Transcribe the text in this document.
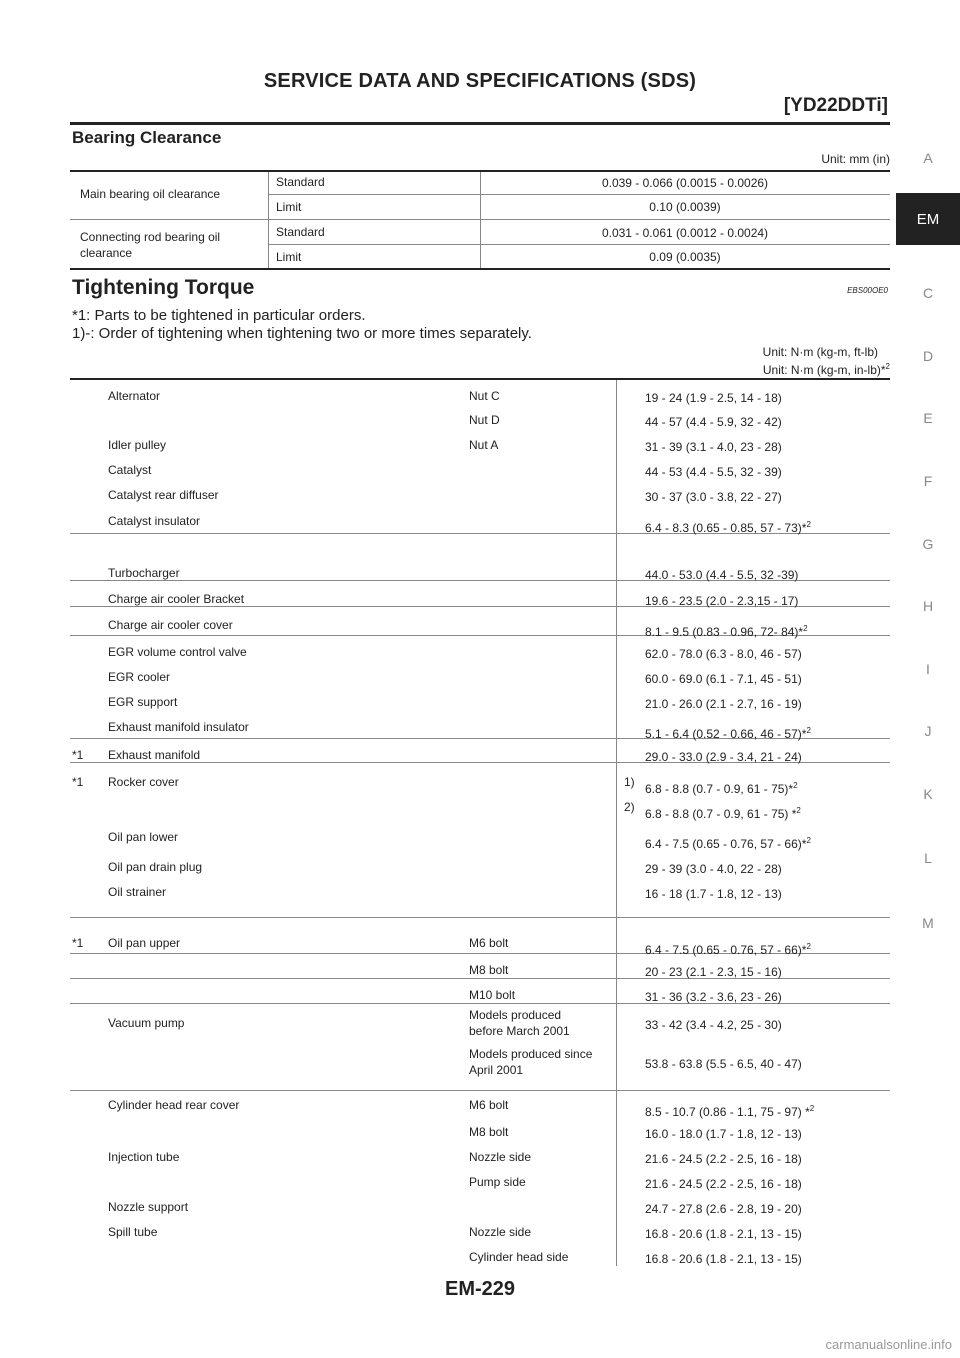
SERVICE DATA AND SPECIFICATIONS (SDS)
[YD22DDTi]
Bearing Clearance
Unit: mm (in)
Main bearing oil clearance
Standard	0.039 - 0.066 (0.0015 - 0.0026)
Limit	0.10 (0.0039)
Connecting rod bearing oil
clearance
Standard	0.031 - 0.061 (0.0012 - 0.0024)
Limit	0.09 (0.0035)
Tightening Torque	EBS00OE0
*1: Parts to be tightened in particular orders.
1)-: Order of tightening when tightening two or more times separately.
Unit: N·m (kg-m, ft-lb)
Unit: N·m (kg-m, in-lb)*$^2$
Alternator	Nut C	19 - 24 (1.9 - 2.5, 14 - 18)
Nut D	44 - 57 (4.4 - 5.9, 32 - 42)
Idler pulley	Nut A	31 - 39 (3.1 - 4.0, 23 - 28)
Catalyst	44 - 53 (4.4 - 5.5, 32 - 39)
Catalyst rear diffuser	30 - 37 (3.0 - 3.8, 22 - 27)
Catalyst insulator	6.4 - 8.3 (0.65 - 0.85, 57 - 73)*$^2$
Turbocharger	44.0 - 53.0 (4.4 - 5.5, 32 -39)
Charge air cooler Bracket	19.6 - 23.5 (2.0 - 2.3,15 - 17)
Charge air cooler cover	8.1 - 9.5 (0.83 - 0.96, 72- 84)*$^2$
EGR volume control valve	62.0 - 78.0 (6.3 - 8.0, 46 - 57)
EGR cooler	60.0 - 69.0 (6.1 - 7.1, 45 - 51)
EGR support	21.0 - 26.0 (2.1 - 2.7, 16 - 19)
Exhaust manifold insulator	5.1 - 6.4 (0.52 - 0.66, 46 - 57)*$^2$
*1 Exhaust manifold	29.0 - 33.0 (2.9 - 3.4, 21 - 24)
*1 Rocker cover	1) 6.8 - 8.8 (0.7 - 0.9, 61 - 75)*$^2$
2) 6.8 - 8.8 (0.7 - 0.9, 61 - 75) *$^2$
Oil pan lower	6.4 - 7.5 (0.65 - 0.76, 57 - 66)*$^2$
Oil pan drain plug	29 - 39 (3.0 - 4.0, 22 - 28)
Oil strainer	16 - 18 (1.7 - 1.8, 12 - 13)
*1 Oil pan upper	M6 bolt	6.4 - 7.5 (0.65 - 0.76, 57 - 66)*$^2$
M8 bolt	20 - 23 (2.1 - 2.3, 15 - 16)
M10 bolt	31 - 36 (3.2 - 3.6, 23 - 26)
Vacuum pump
Models produced
before March 2001	33 - 42 (3.4 - 4.2, 25 - 30)
Models produced since
April 2001	53.8 - 63.8 (5.5 - 6.5, 40 - 47)
Cylinder head rear cover	M6 bolt	8.5 - 10.7 (0.86 - 1.1, 75 - 97) *$^2$
M8 bolt	16.0 - 18.0 (1.7 - 1.8, 12 - 13)
Injection tube	Nozzle side	21.6 - 24.5 (2.2 - 2.5, 16 - 18)
Pump side	21.6 - 24.5 (2.2 - 2.5, 16 - 18)
Nozzle support	24.7 - 27.8 (2.6 - 2.8, 19 - 20)
Spill tube	Nozzle side	16.8 - 20.6 (1.8 - 2.1, 13 - 15)
Cylinder head side	16.8 - 20.6 (1.8 - 2.1, 13 - 15)
A
EM
C
D
E
F
G
H
I
J
K
L
M
EM-229
carmanualsonline.info
